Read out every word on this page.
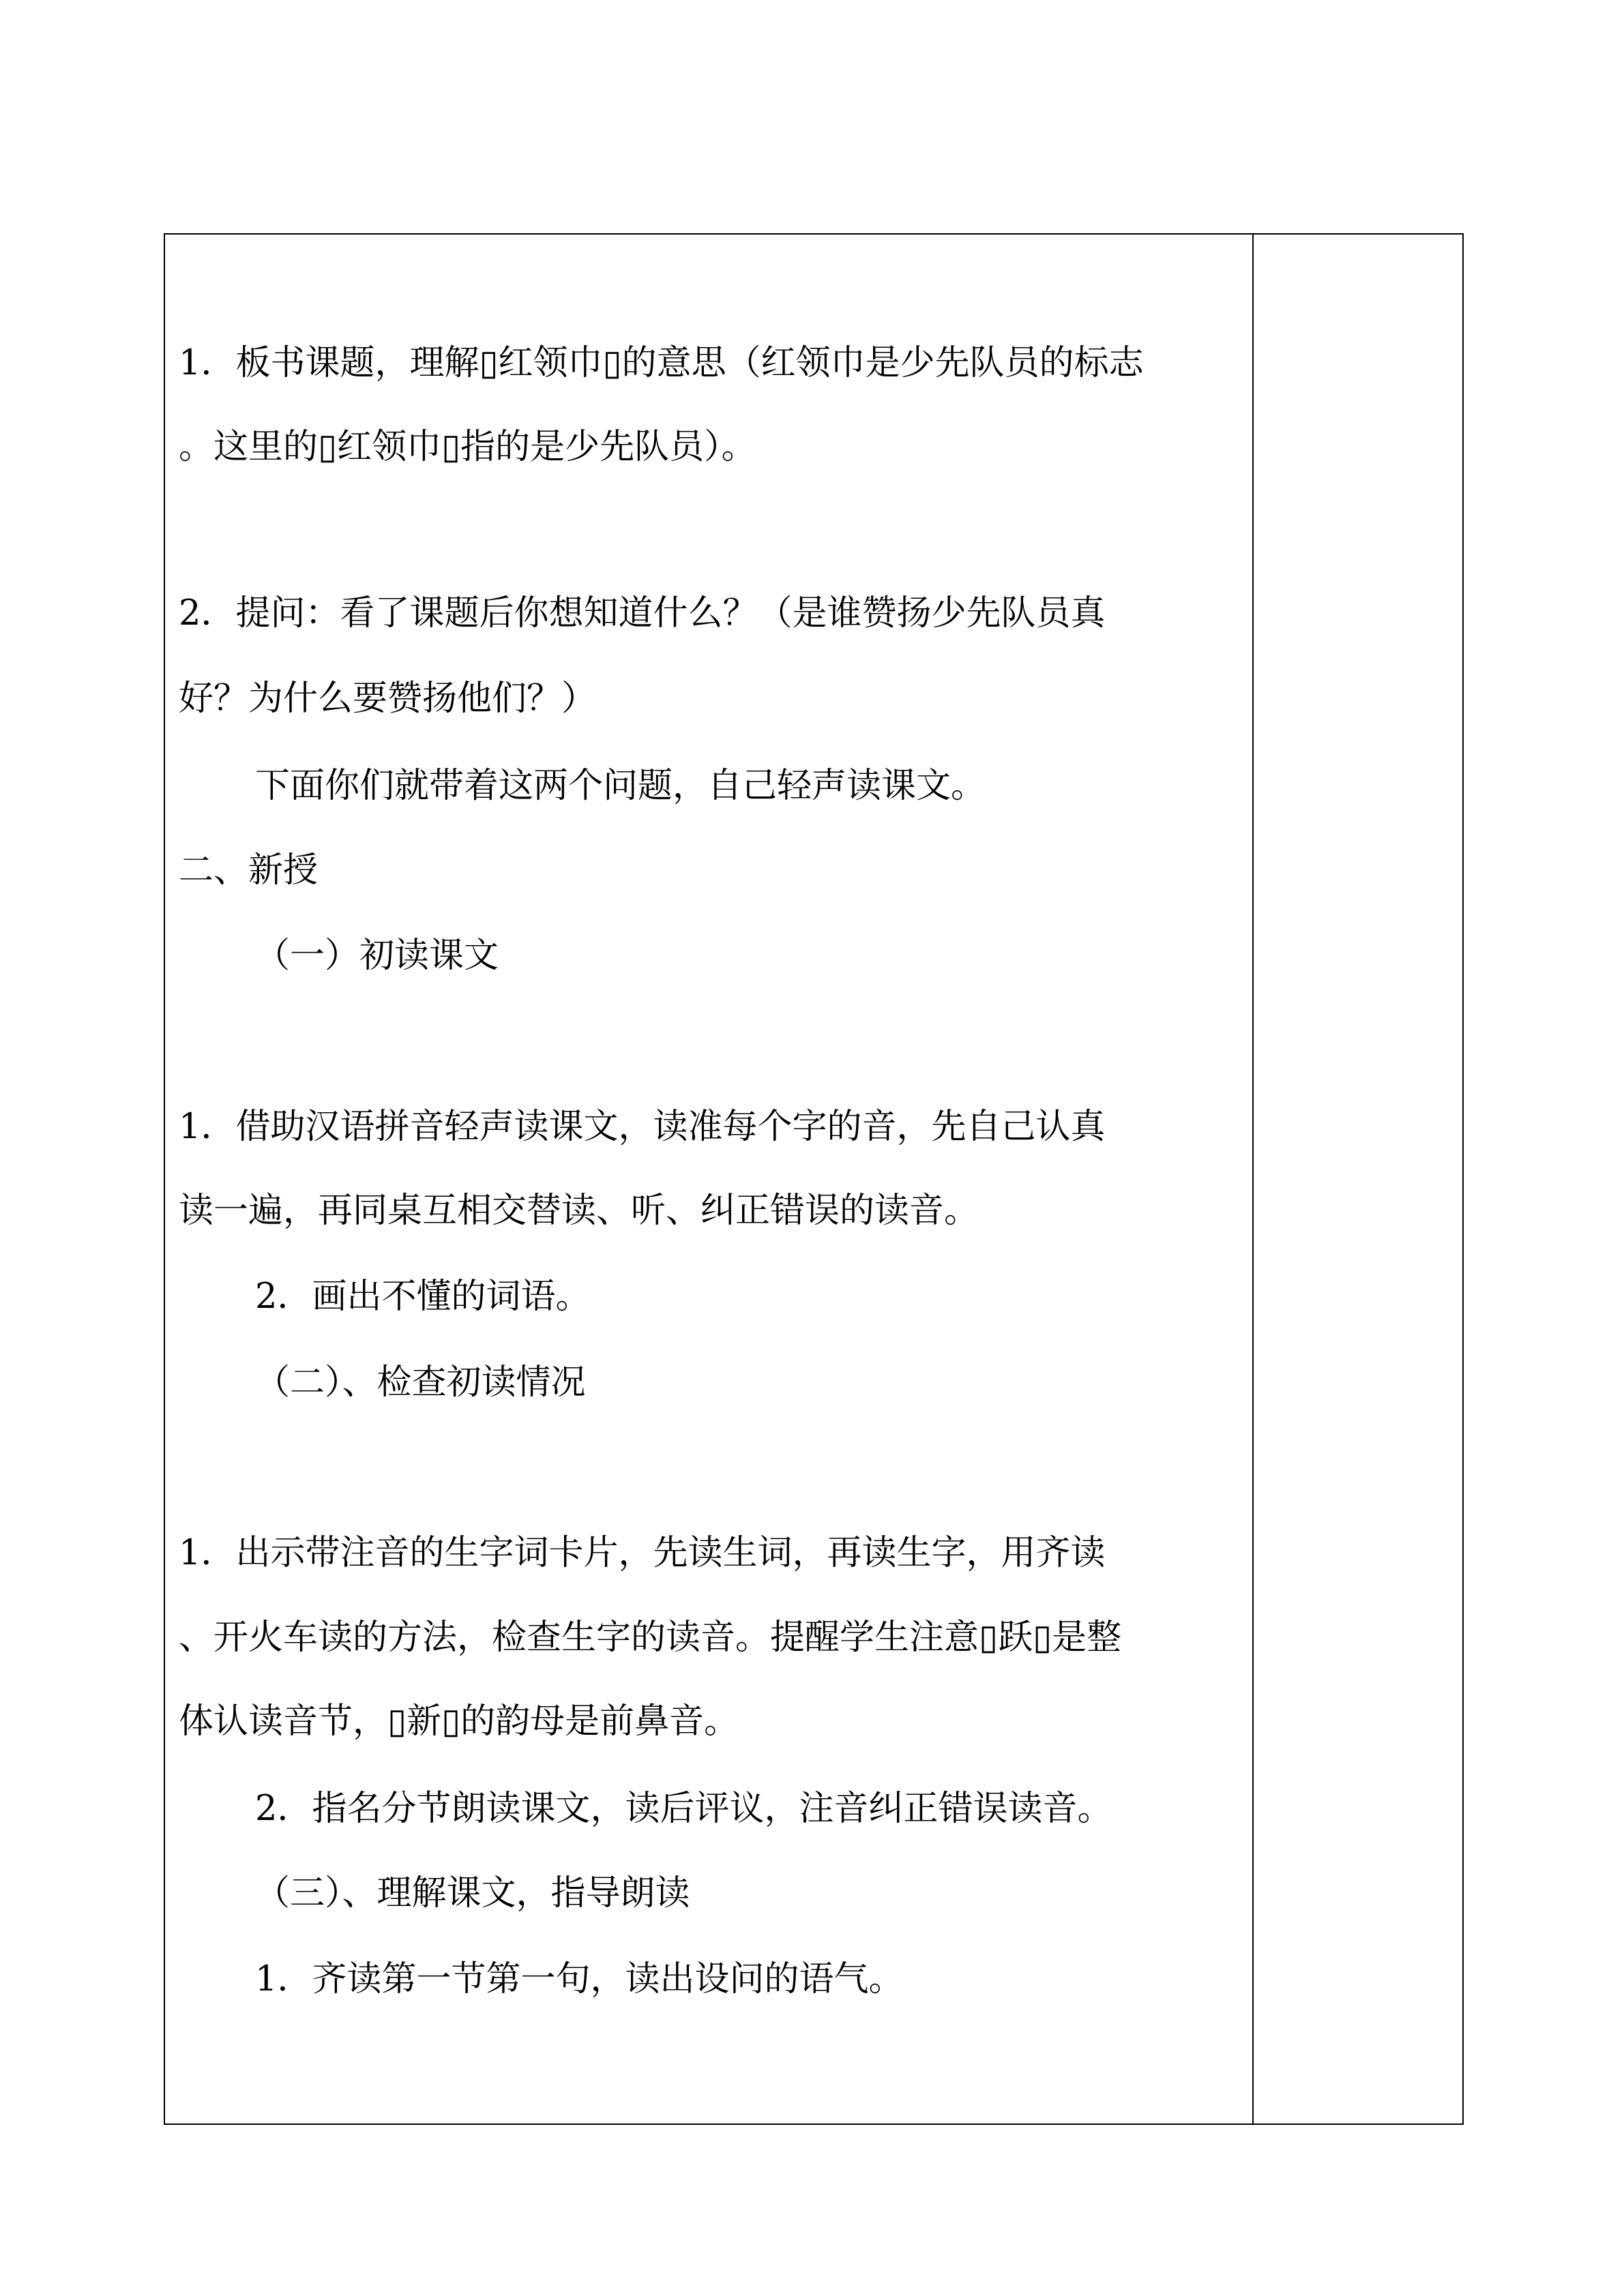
1．板书课题，理解▯红领巾▯的意思（红领巾是少先队员的标志
。这里的▯红领巾▯指的是少先队员）。
2．提问：看了课题后你想知道什么？（是谁赞扬少先队员真
好？为什么要赞扬他们？）
下面你们就带着这两个问题，自己轻声读课文。
二、新授
（一）初读课文
1．借助汉语拼音轻声读课文，读准每个字的音，先自己认真
读一遍，再同桌互相交替读、听、纠正错误的读音。
2．画出不懂的词语。
（二）、检查初读情况
1．出示带注音的生字词卡片，先读生词，再读生字，用齐读
、开火车读的方法，检查生字的读音。提醒学生注意▯跃▯是整
体认读音节，▯新▯的韵母是前鼻音。
2．指名分节朗读课文，读后评议，注音纠正错误读音。
（三）、理解课文，指导朗读
1．齐读第一节第一句，读出设问的语气。
